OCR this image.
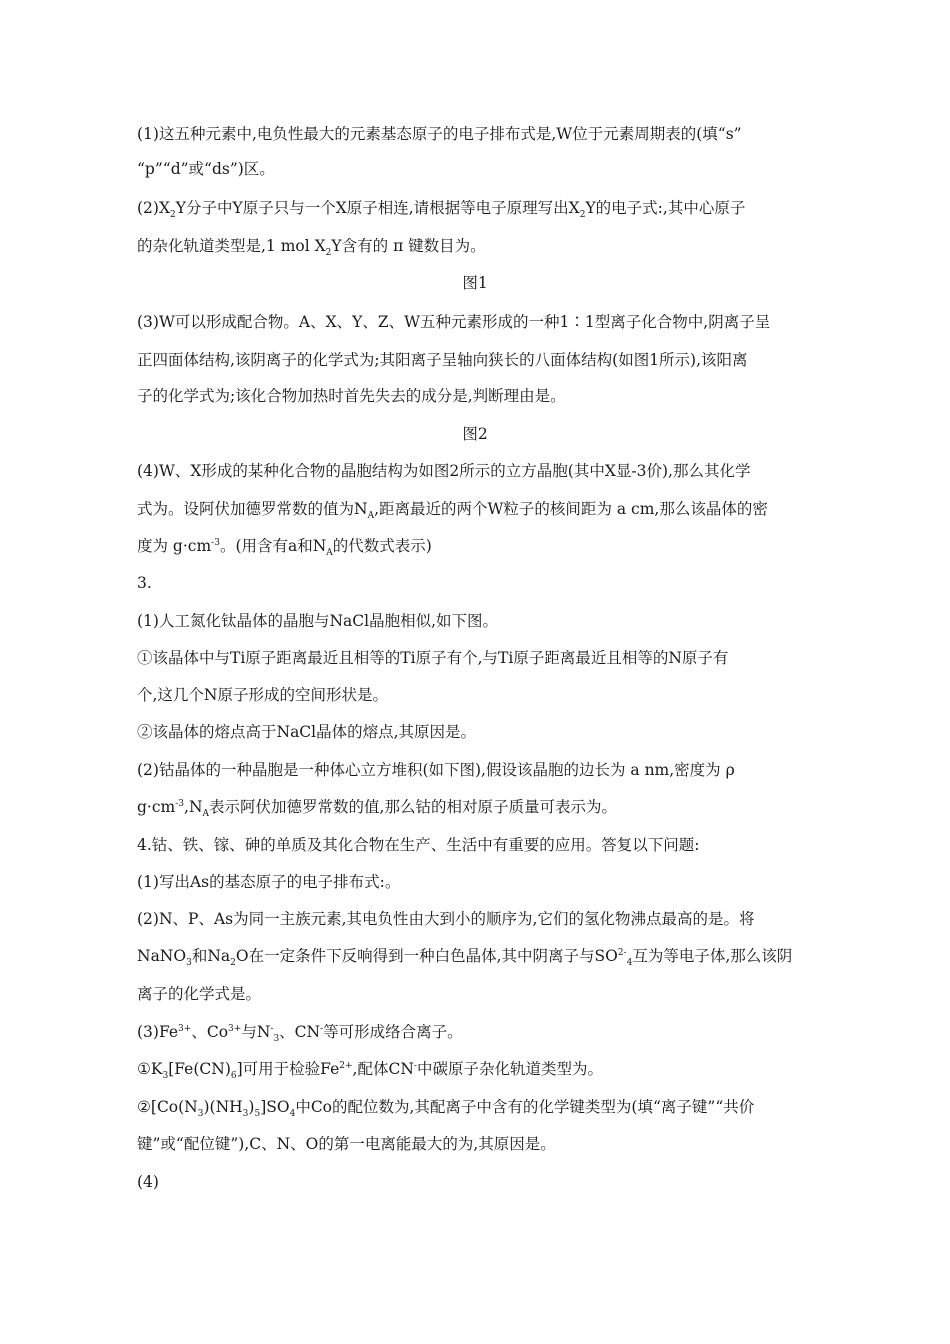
(1)这五种元素中,电负性最大的元素基态原子的电子排布式是,W位于元素周期表的(填“s”
“p”“d”或“ds”)区。
$(2)X_2Y$分子中Y原子只与一个X原子相连,请根据等电子原理写出$X_2Y$的电子式:,其中心原子
的杂化轨道类型是,1 mol $X_2Y$含有的 π 键数目为。
图1
(3)W可以形成配合物。A、X、Y、Z、W五种元素形成的一种1∶1型离子化合物中,阴离子呈
正四面体结构,该阴离子的化学式为;其阳离子呈轴向狭长的八面体结构(如图1所示),该阳离
子的化学式为;该化合物加热时首先失去的成分是,判断理由是。
图2
(4)W、X形成的某种化合物的晶胞结构为如图2所示的立方晶胞(其中X显-3价),那么其化学
式为。设阿伏加德罗常数的值为$N_A$,距离最近的两个W粒子的核间距为 a cm,那么该晶体的密
度为 $g\cdot cm^{-3}$。(用含有a和$N_A$的代数式表示)
3.
(1)人工氮化钛晶体的晶胞与NaCl晶胞相似,如下图。
①该晶体中与Ti原子距离最近且相等的Ti原子有个,与Ti原子距离最近且相等的N原子有
个,这几个N原子形成的空间形状是。
②该晶体的熔点高于NaCl晶体的熔点,其原因是。
(2)钴晶体的一种晶胞是一种体心立方堆积(如下图),假设该晶胞的边长为 a nm,密度为 ρ
$g\cdot cm^{-3},N_A$表示阿伏加德罗常数的值,那么钴的相对原子质量可表示为。
4.钴、铁、镓、砷的单质及其化合物在生产、生活中有重要的应用。答复以下问题:
(1)写出As的基态原子的电子排布式:。
(2)N、P、As为同一主族元素,其电负性由大到小的顺序为,它们的氢化物沸点最高的是。将
NaNO$_3$和$Na_2O$在一定条件下反响得到一种白色晶体,其中阴离子与$SO^{2-}_4$互为等电子体,那么该阴
离子的化学式是。
$(3)Fe^{3+}$、$Co^{3+}$与$N^-_3$、CN-等可形成络合离子。
$①K_3[Fe(CN)_6]$可用于检验$Fe^{2+}$,配体CN-中碳原子杂化轨道类型为。
$②[Co(N_3)(NH_3)_5]SO_4$中Co的配位数为,其配离子中含有的化学键类型为(填“离子键”“共价
键”或“配位键”),C、N、O的第一电离能最大的为,其原因是。
(4)
